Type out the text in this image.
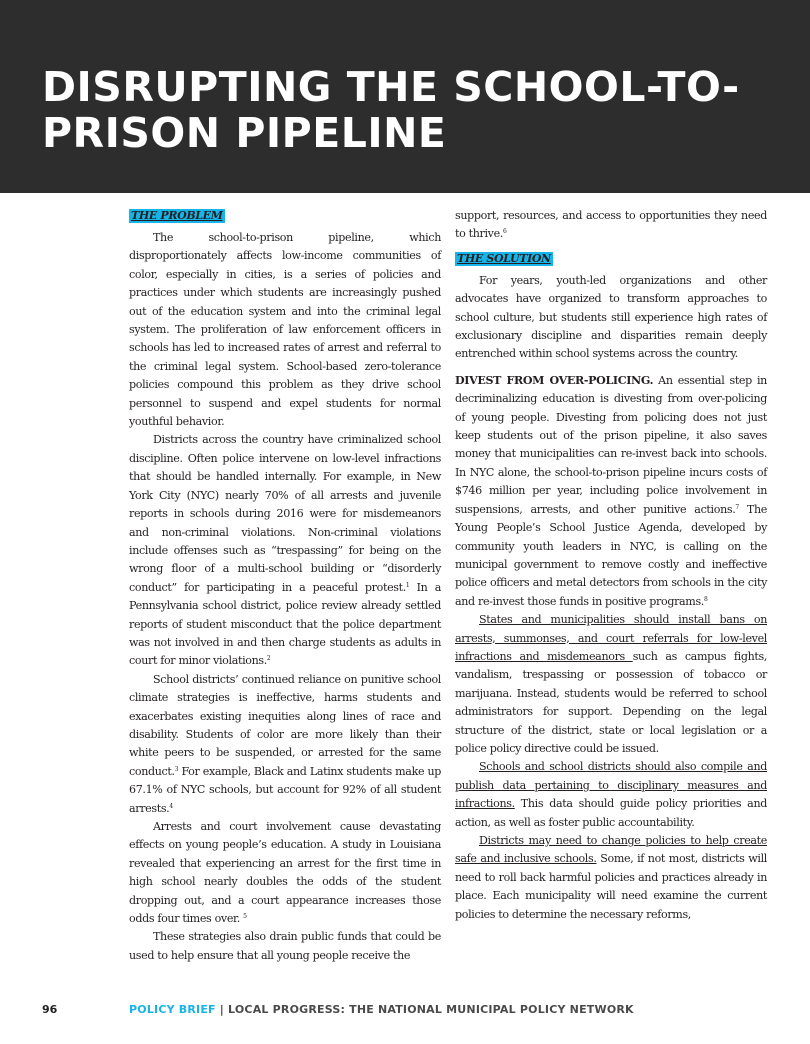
DISRUPTING THE SCHOOL-TO-PRISON PIPELINE
THE PROBLEM

The school-to-prison pipeline, which disproportionately affects low-income communities of color, especially in cities, is a series of policies and practices under which students are increasingly pushed out of the education system and into the criminal legal system. The proliferation of law enforcement officers in schools has led to increased rates of arrest and referral to the criminal legal system. School-based zero-tolerance policies compound this problem as they drive school personnel to suspend and expel students for normal youthful behavior.

Districts across the country have criminalized school discipline. Often police intervene on low-level infractions that should be handled internally. For example, in New York City (NYC) nearly 70% of all arrests and juvenile reports in schools during 2016 were for misdemeanors and non-criminal violations. Non-criminal violations include offenses such as “trespassing” for being on the wrong floor of a multi-school building or “disorderly conduct” for participating in a peaceful protest.$^1$ In a Pennsylvania school district, police review already settled reports of student misconduct that the police department was not involved in and then charge students as adults in court for minor violations.$^2$

School districts’ continued reliance on punitive school climate strategies is ineffective, harms students and exacerbates existing inequities along lines of race and disability. Students of color are more likely than their white peers to be suspended, or arrested for the same conduct.$^3$ For example, Black and Latinx students make up 67.1% of NYC schools, but account for 92% of all student arrests.$^4$

Arrests and court involvement cause devastating effects on young people’s education. A study in Louisiana revealed that experiencing an arrest for the first time in high school nearly doubles the odds of the student dropping out, and a court appearance increases those odds four times over. $^5$

These strategies also drain public funds that could be used to help ensure that all young people receive the

support, resources, and access to opportunities they need to thrive.$^6$

THE SOLUTION

For years, youth-led organizations and other advocates have organized to transform approaches to school culture, but students still experience high rates of exclusionary discipline and disparities remain deeply entrenched within school systems across the country.

DIVEST FROM OVER-POLICING. An essential step in decriminalizing education is divesting from over-policing of young people. Divesting from policing does not just keep students out of the prison pipeline, it also saves money that municipalities can re-invest back into schools. In NYC alone, the school-to-prison pipeline incurs costs of $746 million per year, including police involvement in suspensions, arrests, and other punitive actions.$^7$ The Young People’s School Justice Agenda, developed by community youth leaders in NYC, is calling on the municipal government to remove costly and ineffective police officers and metal detectors from schools in the city and re-invest those funds in positive programs.$^8$

States and municipalities should install bans on arrests, summonses, and court referrals for low-level infractions and misdemeanors such as campus fights, vandalism, trespassing or possession of tobacco or marijuana. Instead, students would be referred to school administrators for support. Depending on the legal structure of the district, state or local legislation or a police policy directive could be issued.

Schools and school districts should also compile and publish data pertaining to disciplinary measures and infractions. This data should guide policy priorities and action, as well as foster public accountability.

Districts may need to change policies to help create safe and inclusive schools. Some, if not most, districts will need to roll back harmful policies and practices already in place. Each municipality will need examine the current policies to determine the necessary reforms,

96	POLICY BRIEF | LOCAL PROGRESS: THE NATIONAL MUNICIPAL POLICY NETWORK
